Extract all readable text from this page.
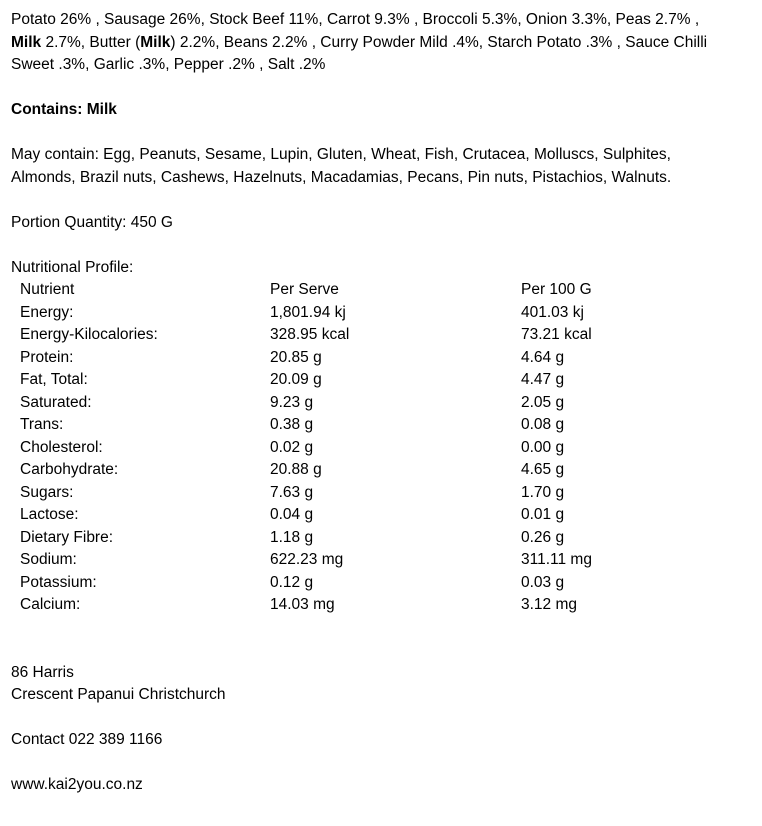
Potato 26% , Sausage 26%, Stock Beef 11%, Carrot 9.3% , Broccoli 5.3%, Onion 3.3%, Peas 2.7% ,
Milk 2.7%, Butter (Milk) 2.2%, Beans 2.2% , Curry Powder Mild .4%, Starch Potato .3% , Sauce Chilli
Sweet .3%, Garlic .3%, Pepper .2% , Salt .2%

Contains: Milk

May contain: Egg, Peanuts, Sesame, Lupin, Gluten, Wheat, Fish, Crutacea, Molluscs, Sulphites,
Almonds, Brazil nuts, Cashews, Hazelnuts, Macadamias, Pecans, Pin nuts, Pistachios, Walnuts.

Portion Quantity: 450 G

Nutritional Profile:

Nutrient	Per Serve	Per 100 G
Energy:	1,801.94 kj	401.03 kj
Energy-Kilocalories:	328.95 kcal	73.21 kcal
Protein:	20.85 g	4.64 g
Fat, Total:	20.09 g	4.47 g
Saturated:	9.23 g	2.05 g
Trans:	0.38 g	0.08 g
Cholesterol:	0.02 g	0.00 g
Carbohydrate:	20.88 g	4.65 g
Sugars:	7.63 g	1.70 g
Lactose:	0.04 g	0.01 g
Dietary Fibre:	1.18 g	0.26 g
Sodium:	622.23 mg	311.11 mg
Potassium:	0.12 g	0.03 g
Calcium:	14.03 mg	3.12 mg

86 Harris
Crescent Papanui Christchurch

Contact 022 389 1166

www.kai2you.co.nz
